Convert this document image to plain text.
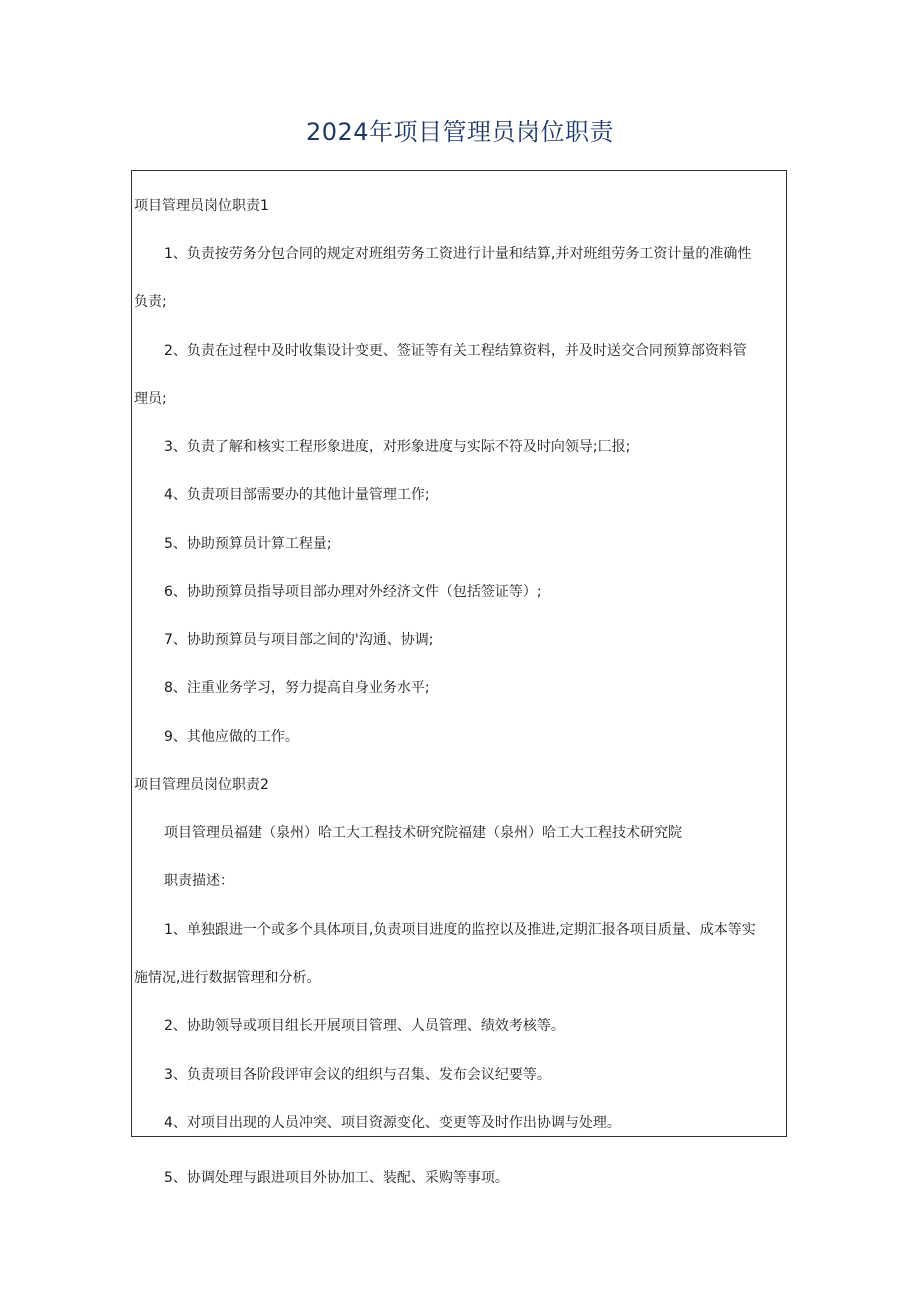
2024年项目管理员岗位职责
项目管理员岗位职责1
1、负责按劳务分包合同的规定对班组劳务工资进行计量和结算,并对班组劳务工资计量的准确性
负责;
2、负责在过程中及时收集设计变更、签证等有关工程结算资料，并及时送交合同预算部资料管
理员;
3、负责了解和核实工程形象进度，对形象进度与实际不符及时向领导;匚报;
4、负责项目部需要办的其他计量管理工作;
5、协助预算员计算工程量;
6、协助预算员指导项目部办理对外经济文件（包括签证等）;
7、协助预算员与项目部之间的'沟通、协调;
8、注重业务学习，努力提高自身业务水平;
9、其他应做的工作。
项目管理员岗位职责2
项目管理员福建（泉州）哈工大工程技术研究院福建（泉州）哈工大工程技术研究院
职责描述：
1、单独跟进一个或多个具体项目,负责项目进度的监控以及推进,定期汇报各项目质量、成本等实
施情况,进行数据管理和分析。
2、协助领导或项目组长开展项目管理、人员管理、绩效考核等。
3、负责项目各阶段评审会议的组织与召集、发布会议纪要等。
4、对项目出现的人员冲突、项目资源变化、变更等及时作出协调与处理。
5、协调处理与跟进项目外协加工、装配、采购等事项。
